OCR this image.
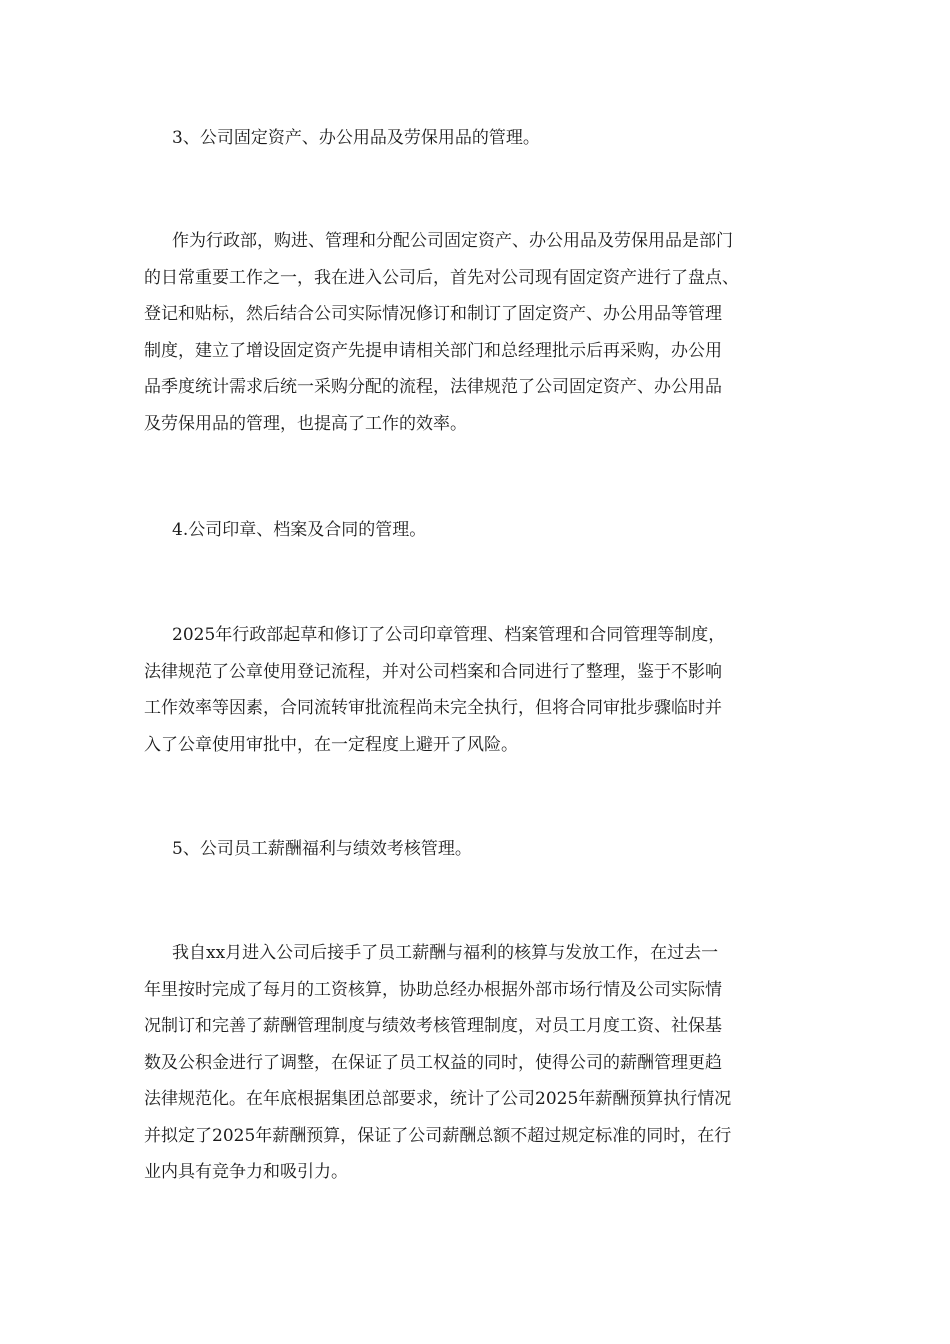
3、公司固定资产、办公用品及劳保用品的管理。
作为行政部，购进、管理和分配公司固定资产、办公用品及劳保用品是部门
的日常重要工作之一，我在进入公司后，首先对公司现有固定资产进行了盘点、
登记和贴标，然后结合公司实际情况修订和制订了固定资产、办公用品等管理
制度，建立了增设固定资产先提申请相关部门和总经理批示后再采购，办公用
品季度统计需求后统一采购分配的流程，法律规范了公司固定资产、办公用品
及劳保用品的管理，也提高了工作的效率。
4.公司印章、档案及合同的管理。
2025年行政部起草和修订了公司印章管理、档案管理和合同管理等制度，
法律规范了公章使用登记流程，并对公司档案和合同进行了整理，鉴于不影响
工作效率等因素，合同流转审批流程尚未完全执行，但将合同审批步骤临时并
入了公章使用审批中，在一定程度上避开了风险。
5、公司员工薪酬福利与绩效考核管理。
我自xx月进入公司后接手了员工薪酬与福利的核算与发放工作，在过去一
年里按时完成了每月的工资核算，协助总经办根据外部市场行情及公司实际情
况制订和完善了薪酬管理制度与绩效考核管理制度，对员工月度工资、社保基
数及公积金进行了调整，在保证了员工权益的同时，使得公司的薪酬管理更趋
法律规范化。在年底根据集团总部要求，统计了公司2025年薪酬预算执行情况
并拟定了2025年薪酬预算，保证了公司薪酬总额不超过规定标准的同时，在行
业内具有竞争力和吸引力。
